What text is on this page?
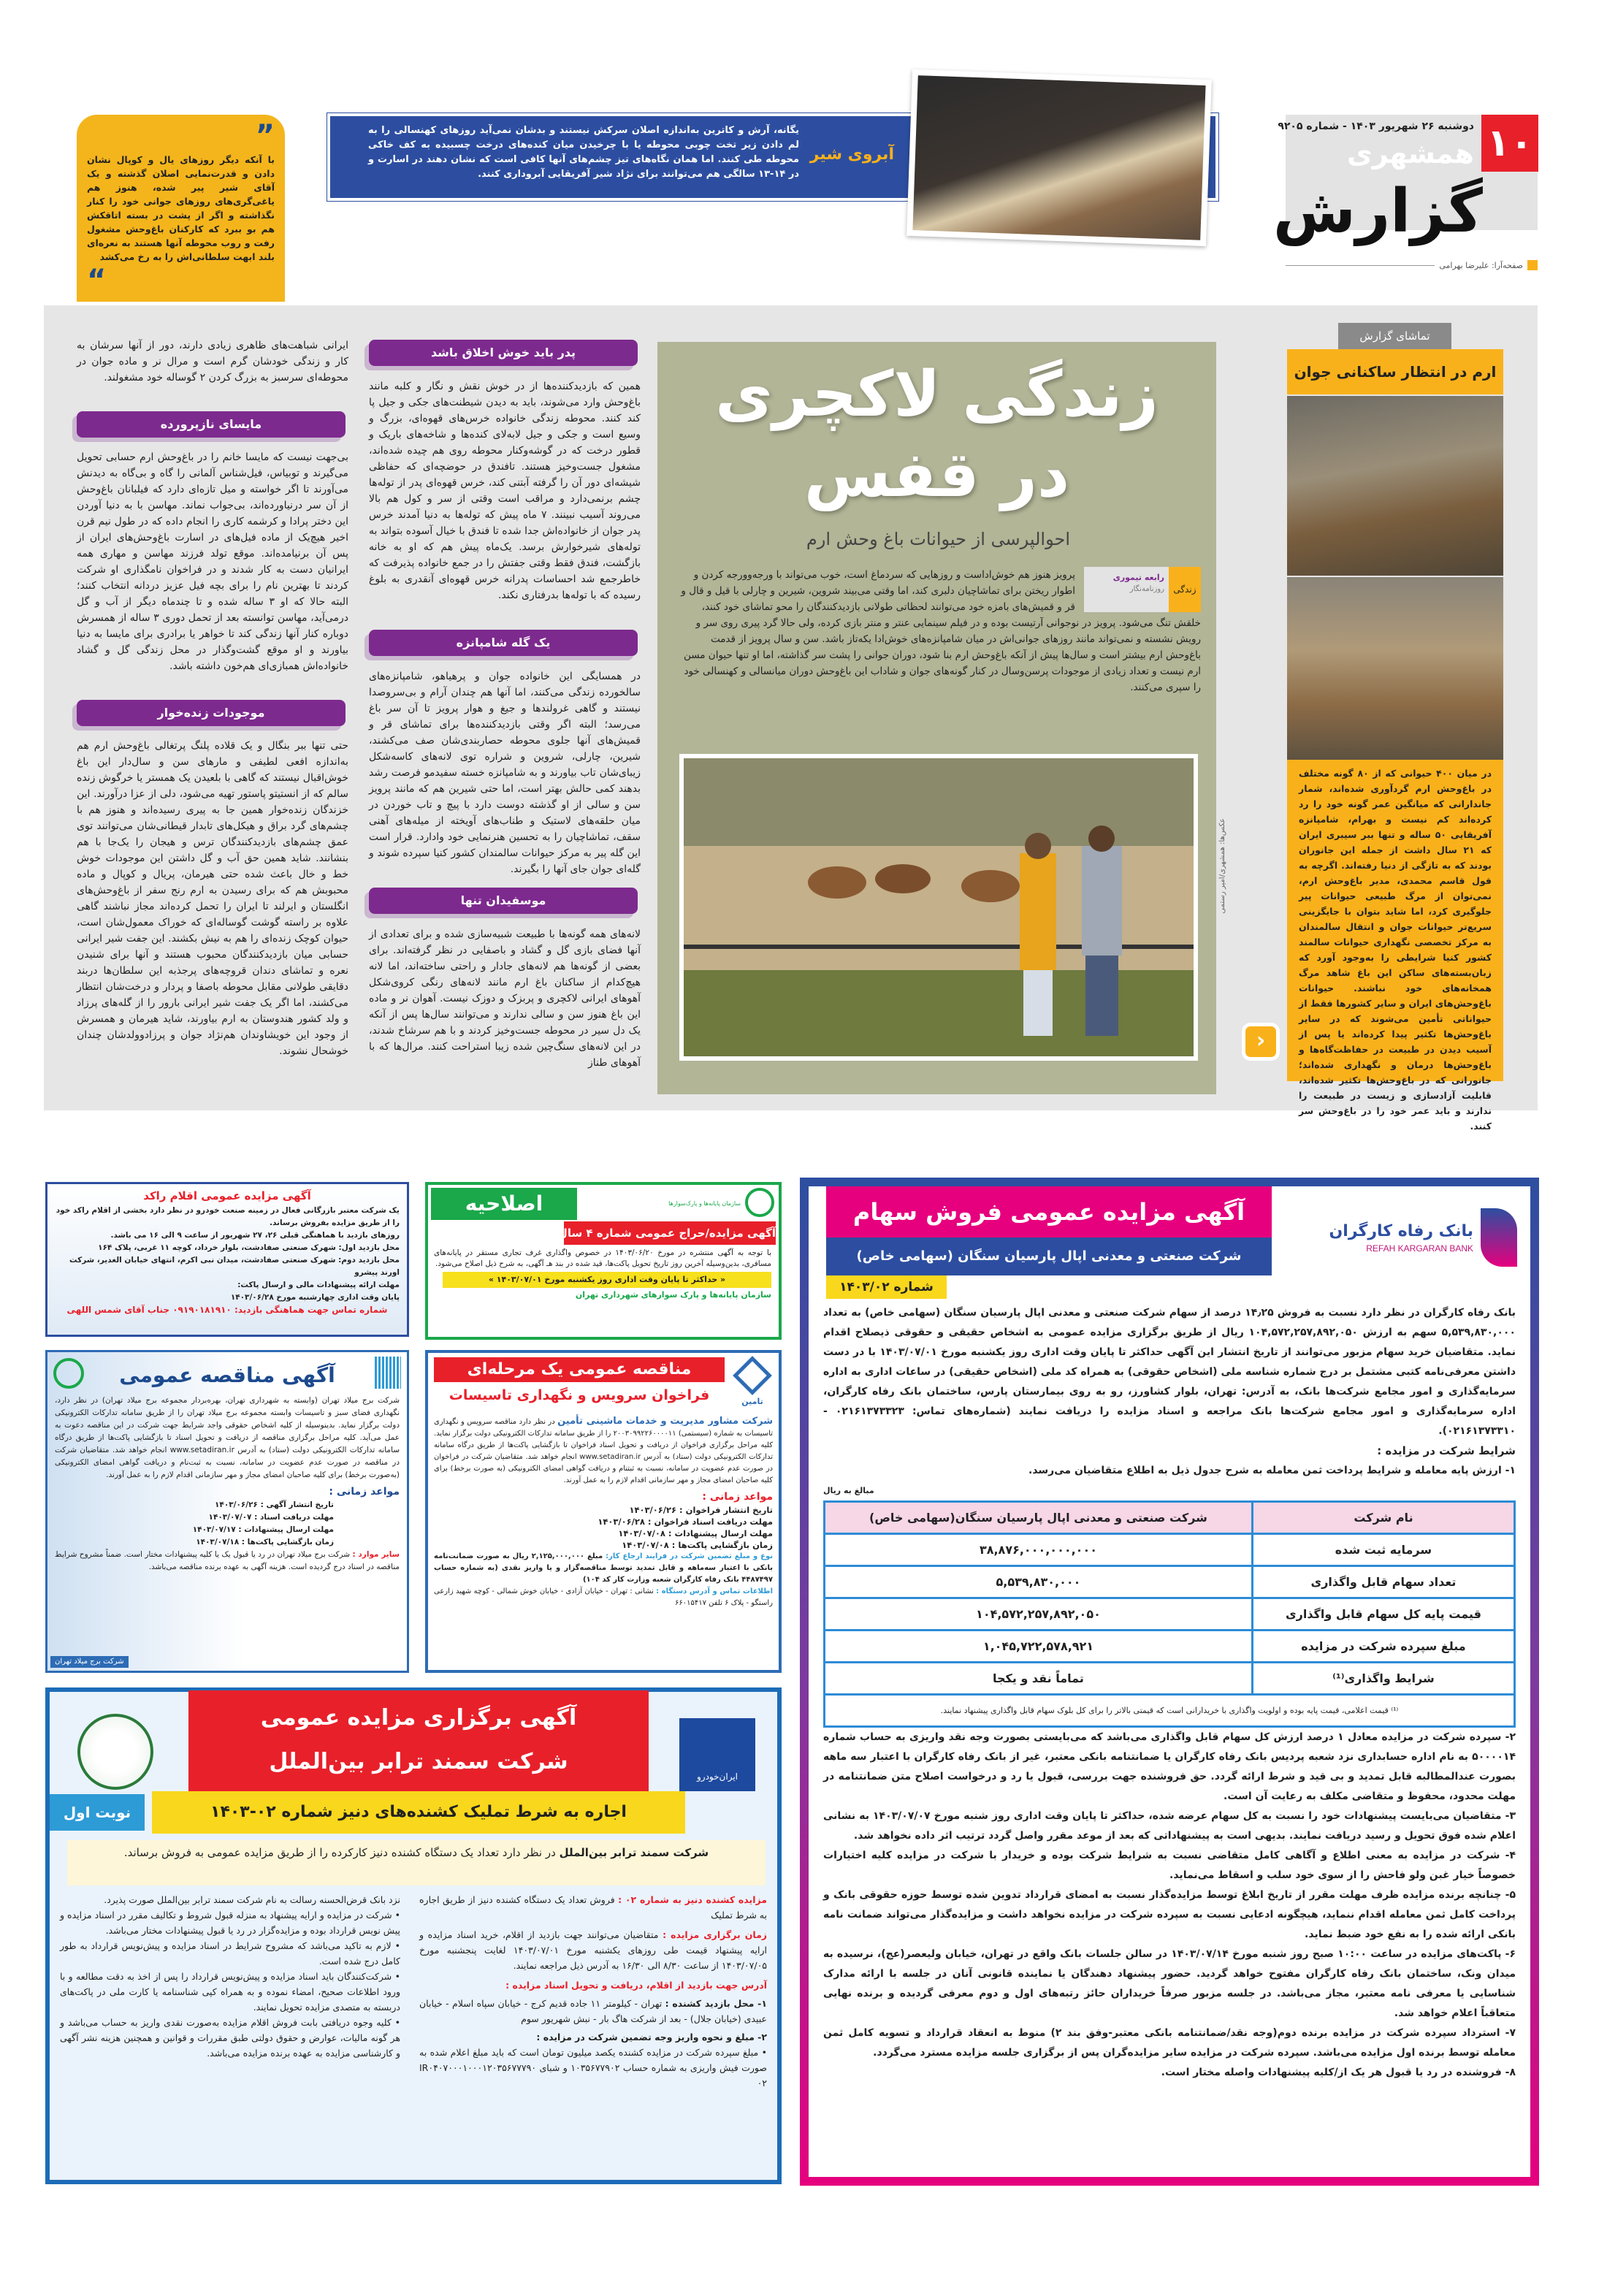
۱۰
دوشنبه ۲۶ شهریور ۱۴۰۳ - شماره ۹۲۰۵
همشهری
گزارش
صفحه‌آرا: علیرضا بهرامی
یگانه، آرش و کاترین به‌اندازه اصلان سرکش نیستند و بدشان نمی‌آید روزهای کهنسالی را به لم دادن زیر تخت چوبی محوطه یا با چرخیدن میان کنده‌های درخت چسبیده به کف خاکی محوطه طی کنند. اما همان نگاه‌های تیز چشم‌های آنها کافی است که نشان دهند در اسارت و در ۱۴-۱۳ سالگی هم می‌توانند برای نژاد شیر آفریقایی آبروداری کنند.
آبروی شیر
”
با آنکه دیگر روزهای یال و کوپال نشان دادن و قدرت‌نمایی اصلان گذشته و یک آقای شیر پیر شده، هنوز هم یاغی‌گری‌های روزهای جوانی خود را کنار نگذاشته و اگر از پشت در بسته اتاقکش هم بو ببرد که کارکنان باغ‌وحش مشغول رفت و روب محوطه آنها هستند به نعره‌ای بلند ابهت سلطانی‌اش را به رخ می‌کشد
“
تماشای گزارش
ارم در انتظار ساکنانی جوان
در میان ۴۰۰ حیوانی که از ۸۰ گونه مختلف در باغ‌وحش ارم گردآوری شده‌اند، شمار جاندارانی که میانگین عمر گونه خود را رد کرده‌اند کم نیست و بهرام، شامپانزه آفریقایی ۵۰ ساله و تنها ببر سیبری ایران که ۲۱ سال داشت از جمله این جانوران بودند که به تازگی از دنیا رفته‌اند. اگرچه به قول قاسم محمدی، مدیر باغ‌وحش ارم، نمی‌توان از مرگ طبیعی حیوانات پیر جلوگیری کرد، اما شاید بتوان با جایگزینی سریع‌تر حیوانات جوان و انتقال سالمندان به مرکز تخصصی نگهداری حیوانات سالمند کشور کنیا شرایطی را به‌وجود آورد که زبان‌بسته‌های ساکن این باغ شاهد مرگ همخانه‌های خود نباشند. حیوانات باغ‌وحش‌های ایران و سایر کشورها فقط از حیواناتی تأمین می‌شوند که در سایر باغ‌وحش‌ها تکثیر پیدا کرده‌اند یا پس از آسیب دیدن در طبیعت در حفاظت‌گاه‌ها و باغ‌وحش‌ها درمان و نگهداری شده‌اند؛ جانورانی که در باغ‌وحش‌ها تکثیر شده‌اند، قابلیت آزادسازی و زیست در طبیعت را ندارند و باید عمر خود را در باغ‌وحش سر کنند.
‹
زندگی لاکچری
در قفس
احوالپرسی از حیوانات باغ وحش ارم
زندگی
رابعه تیموری
روزنامه‌نگار
پرویز هنوز هم خوش‌اداست و روزهایی که سردماغ است، خوب می‌تواند با ورجه‌وورجه کردن و اطوار ریختن برای تماشاچیان دلبری کند، اما وقتی می‌بیند شروین، شیرین و چارلی با قیل و قال و قر و قمیش‌های بامزه خود می‌توانند لحظاتی طولانی بازدیدکنندگان را محو تماشای خود کنند، خلقش تنگ می‌شود. پرویز در نوجوانی آرتیست بوده و در فیلم سینمایی عنتر و منتر بازی کرده، ولی حالا گرد پیری روی سر و رویش نشسته و نمی‌تواند مانند روزهای جوانی‌اش در میان شامپانزه‌های خوش‌ادا یکه‌تاز باشد. سن و سال پرویز از قدمت باغ‌وحش ارم بیشتر است و سال‌ها پیش از آنکه باغ‌وحش ارم بنا شود، دوران جوانی را پشت سر گذاشته، اما او تنها حیوان مسن ارم نیست و تعداد زیادی از موجودات پرسن‌وسال در کنار گونه‌های جوان و شاداب این باغ‌وحش دوران میانسالی و کهنسالی خود را سپری می‌کنند.
عکس‌ها: همشهری/امیر رستمی
پدر باید خوش اخلاق باشد
همین که بازدیدکننده‌ها از در خوش نقش و نگار و کلبه مانند باغ‌وحش وارد می‌شوند، باید به دیدن شیطنت‌های جکی و جیل پا کند کنند. محوطه زندگی خانواده خرس‌های قهوه‌ای، بزرگ و وسیع است و جکی و جیل لابه‌لای کنده‌ها و شاخه‌های باریک و قطور درخت که در گوشه‌وکنار محوطه روی هم چیده شده‌اند، مشغول جست‌وخیز هستند. تافندق در حوضچه‌ای که حفاظی شیشه‌ای دور آن را گرفته آبتنی کند، خرس قهوه‌ای پدر از توله‌ها چشم برنمی‌دارد و مراقب است وقتی از سر و کول هم بالا می‌روند آسیب نبینند. ۷ ماه پیش که توله‌ها به دنیا آمدند خرس پدر جوان از خانواده‌اش جدا شده تا فندق با خیال آسوده بتواند به توله‌های شیرخوارش برسد. یک‌ماه پیش هم که او به خانه بازگشت، فندق فقط وقتی جفتش را در جمع خانواده پذیرفت که خاطرجمع شد احساسات پدرانه خرس قهوه‌ای آنقدری به بلوغ رسیده که با توله‌ها بدرفتاری نکند.
یک گله شامپانزه
در همسایگی این خانواده جوان و پرهیاهو، شامپانزه‌های سالخورده زندگی می‌کنند، اما آنها هم چندان آرام و بی‌سروصدا نیستند و گاهی غرولندها و جیغ و هوار پرویز تا آن سر باغ می‌رسد؛ البته اگر وقتی بازدیدکننده‌ها برای تماشای قر و قمیش‌های آنها جلوی محوطه حصاربندی‌شان صف می‌کشند، شیرین، چارلی، شروین و شراره توی لانه‌های کاسه‌شکل زیبای‌شان تاب بیاورند و به شامپانزه خسته سفیدمو فرصت رشد بدهند کمی حالش بهتر است، اما حتی شیرین هم که مانند پرویز سن و سالی از او گذشته دوست دارد با پیچ و تاب خوردن در میان حلقه‌های لاستیک و طناب‌های آویخته از میله‌های آهنی سقف، تماشاچیان را به تحسین هنرنمایی خود وادارد. قرار است این گله پیر به مرکز حیوانات سالمندان کشور کنیا سپرده شوند و گله‌ای جوان جای آنها را بگیرند.
موسفیدان تنها
لانه‌های همه گونه‌ها با طبیعت شبیه‌سازی شده و برای تعدادی از آنها فضای بازی گل و گشاد و باصفایی در نظر گرفته‌اند. برای بعضی از گونه‌ها هم لانه‌های جادار و راحتی ساخته‌اند، اما لانه هیچ‌کدام از ساکنان باغ ارم مانند لانه‌های رنگی کروی‌شکل آهوهای ایرانی لاکچری و پربزک و دوزک نیست. آهوان نر و ماده این باغ هنوز سن و سالی ندارند و می‌توانند سال‌ها پس از آنکه یک دل سیر در محوطه جست‌وخیز کردند و با هم سرشاخ شدند، در این لانه‌های سنگ‌چین شده زیبا استراحت کنند. مرال‌ها که با آهوهای طناز
ایرانی شباهت‌های ظاهری زیادی دارند، دور از آنها سرشان به کار و زندگی خودشان گرم است و مرال نر و ماده جوان در محوطه‌ای سرسبز به بزرگ کردن ۲ گوساله خود مشغولند.
مایسای نازپرورده
بی‌جهت نیست که مایسا خانم را در باغ‌وحش ارم حسابی تحویل می‌گیرند و توبیاس، فیل‌شناس آلمانی را گاه و بی‌گاه به دیدنش می‌آورند تا اگر خواسته و میل تازه‌ای دارد که فیلبانان باغ‌وحش از آن سر درنیاورده‌اند، بی‌جواب نماند. مهاسن با به دنیا آوردن این دختر پرادا و کرشمه کاری را انجام داده که در طول نیم قرن اخیر هیچ‌یک از ماده فیل‌های در اسارت باغ‌وحش‌های ایران از پس آن برنیامده‌اند. موقع تولد فرزند مهاسن و مهاری همه ایرانیان دست به کار شدند و در فراخوان نامگذاری او شرکت کردند تا بهترین نام را برای بچه فیل عزیز دردانه انتخاب کنند؛ البته حالا که او ۳ ساله شده و تا چندماه دیگر از آب و گل درمی‌آید، مهاسن توانسته بعد از تحمل دوری ۳ ساله از همسرش دوباره کنار آنها زندگی کند تا خواهر یا برادری برای مایسا به دنیا بیاورند و او موقع گشت‌وگذار در محل زندگی گل و گشاد خانواده‌اش همبازی‌ای هم‌خون داشته باشد.
موجودات زنده‌خوار
حتی تنها ببر بنگال و یک قلاده پلنگ پرتغالی باغ‌وحش ارم هم به‌اندازه افعی لطیفی و مارهای سن و سال‌دار این باغ خوش‌اقبال نیستند که گاهی با بلعیدن یک همستر یا خرگوش زنده سالم که از انستیتو پاستور تهیه می‌شود، دلی از عزا درآورند. این خزندگان زنده‌خوار همین جا به پیری رسیده‌اند و هنوز هم با چشم‌های گرد براق و هیکل‌های تابدار قیطانی‌شان می‌توانند توی عمق چشم‌های بازدیدکنندگان ترس و هیجان را یک‌جا با هم بنشانند. شاید همین حق آب و گل داشتن این موجودات خوش خط و خال باعث شده حتی هیرمان، پریال و کوپال و ماده محبوبش هم که برای رسیدن به ارم رنج سفر از باغ‌وحش‌های انگلستان و ایرلند تا ایران را تحمل کرده‌اند مجاز نباشند گاهی علاوه بر راسته گوشت گوساله‌ای که خوراک معمول‌شان است، حیوان کوچک زنده‌ای را هم به نیش بکشند. این جفت شیر ایرانی حسابی میان بازدیدکنندگان محبوب هستند و آنها برای شنیدن نعره و تماشای دندان قروچه‌های پرجذبه این سلطان‌ها دربند دقایقی طولانی مقابل محوطه باصفا و پردار و درخت‌شان انتظار می‌کشند، اما اگر یک جفت شیر ایرانی بارور را از گله‌های پرزاد و ولد کشور هندوستان به ارم بیاورند، شاید هیرمان و همسرش از وجود این خویشاوندان هم‌نژاد جوان و پرزادوولدشان چندان خوشحال نشوند.
آگهی مزایده عمومی اقلام راکد
یک شرکت معتبر بازرگانی فعال در زمینه صنعت خودرو در نظر دارد بخشی از اقلام راکد خود را از طریق مزایده بفروش برساند.
روزهای بازدید با هماهنگی قبلی ۲۶، ۲۷ شهریور از ساعت ۹ الی ۱۶ می باشد.
محل بازدید اول: شهرک صنعتی صفادشت، بلوار خرداد، کوچه ۱۱ غربی، پلاک ۱۶۴
محل بازدید دوم: شهرک صنعتی صفادشت، میدان نبی اکرم، انتهای خیابان الغدیر، شرکت اورند پیشرو
مهلت ارائه پیشنهادات مالی و ارسال پاکت:
پایان وقت اداری چهارشنبه مورخ ۱۴۰۳/۰۶/۲۸
شماره تماس جهت هماهنگی بازدید: ۰۹۱۹۰۱۸۱۹۱۰ جناب آقای شمس اللهی
اصلاحیه	سازمان پایانه‌ها و پارک‌سوارها
آگهی مزایده/حراج عمومی شماره ۴ سال ۱۴۰۳
با توجه به آگهی منتشره در مورخ ۱۴۰۳/۰۶/۲۰ در خصوص واگذاری غرف تجاری مستقر در پایانه‌های مسافری، بدین‌وسیله آخرین روز تاریخ تحویل پاکت‌ها، قید شده در بند هـ آگهی، به شرح ذیل اصلاح می‌شود.
« حداکثر تا پایان وقت اداری روز یکشنبه مورخ ۱۴۰۳/۰۷/۰۱ »
سازمان پایانه‌ها و پارک سوارهای شهرداری تهران
تامین
مناقصه عمومی یک مرحله‌ای
فراخوان سرویس و نگهداری تاسیسات
شرکت مشاور مدیریت و خدمات ماشینی تأمین در نظر دارد مناقصه سرویس و نگهداری تاسیسات به شماره (سیستمی) ۲۰۰۳۰۹۹۲۲۶۰۰۰۰۱۱ را از طریق سامانه تدارکات الکترونیکی دولت برگزار نماید. کلیه مراحل برگزاری فراخوان از دریافت و تحویل اسناد فراخوان تا بازگشایی پاکت‌ها از طریق درگاه سامانه تدارکات الکترونیکی دولت (ستاد) به آدرس www.setadiran.ir انجام خواهد شد. متقاضیان شرکت در فراخوان در صورت عدم عضویت در سامانه، نسبت به ثبتنام و دریافت گواهی امضای الکترونیکی (به صورت برخط) برای کلیه صاحبان امضای مجاز و مهر سازمانی اقدام لازم را به عمل آورند.
مواعد زمانی :
تاریخ انتشار فراخوان : ۱۴۰۳/۰۶/۲۶
مهلت دریافت اسناد فراخوان : ۱۴۰۳/۰۶/۲۸
مهلت ارسال پیشنهادات : ۱۴۰۳/۰۷/۰۸
زمان بازگشایی پاکت‌ها : ۱۴۰۳/۰۷/۰۸
نوع و مبلغ تضمین شرکت در فرایند ارجاع کار: مبلغ ۲,۱۲۵,۰۰۰,۰۰۰ ریال به صورت ضمانت‌نامه بانکی با اعتبار سه‌ماهه و قابل تمدید توسط مناقصه‌گزار و یا واریز نقدی (به شماره حساب ۴۴۸۷۴۹۷ بانک رفاه کارگران شعبه وزارت کار کد ۱۰۴)
اطلاعات تماس و آدرس دستگاه : نشانی : تهران - خیابان آزادی - خیابان خوش شمالی - کوچه شهید زارعی راستگو - پلاک ۶ تلفن ۶۶۰۱۵۴۱۷
آگهی مناقصه عمومی
شرکت برج میلاد تهران (وابسته به شهرداری تهران، بهره‌بردار مجموعه برج میلاد تهران) در نظر دارد، نگهداری فضای سبز و تاسیسات وابسته مجموعه برج میلاد تهران را از طریق سامانه تدارکات الکترونیکی دولت برگزار نماید. بدینوسیله از کلیه اشخاص حقوقی واجد شرایط جهت شرکت در این مناقصه دعوت به عمل می‌آید. کلیه مراحل برگزاری مناقصه از دریافت و تحویل اسناد تا بازگشایی پاکت‌ها از طریق درگاه سامانه تدارکات الکترونیکی دولت (ستاد) به آدرس www.setadiran.ir انجام خواهد شد. متقاضیان شرکت در مناقصه در صورت عدم عضویت در سامانه، نسبت به ثبت‌نام و دریافت گواهی امضای الکترونیکی (به‌صورت برخط) برای کلیه صاحبان امضای مجاز و مهر سازمانی اقدام لازم را به عمل آورند.
مواعد زمانی :
تاریخ انتشار آگهی : ۱۴۰۳/۰۶/۲۶
مهلت دریافت اسناد : ۱۴۰۳/۰۷/۰۷
مهلت ارسال پیشنهادات : ۱۴۰۳/۰۷/۱۷
زمان بازگشایی پاکت‌ها : ۱۴۰۳/۰۷/۱۸
سایر موارد : شرکت برج میلاد تهران در رد یا قبول یک یا کلیه پیشنهادات مختار است. ضمناً مشروح شرایط مناقصه در اسناد درج گردیده است. هزینه آگهی به عهده برنده مناقصه می‌باشد.
شرکت برج میلاد تهران
ایران‌خودرو
آگهی برگزاری مزایده عمومی
شرکت سمند ترابر بین‌الملل
نوبت اول	اجاره به شرط تملیک کشنده‌های دنیز شماره ۰۲-۱۴۰۳
شرکت سمند ترابر بین‌الملل در نظر دارد تعداد یک دستگاه کشنده دنیز کارکرده را از طریق مزایده عمومی به فروش برساند.
مزایده کشنده دنیز به شماره ۰۲ : فروش تعداد یک دستگاه کشنده دنیز از طریق اجاره به شرط تملیک
زمان برگزاری مزایده : متقاضیان می‌توانند جهت بازدید از اقلام، خرید اسناد مزایده و ارایه پیشنهاد قیمت طی روزهای یکشنبه مورخ ۱۴۰۳/۰۷/۰۱ لغایت پنجشنبه مورخ ۱۴۰۳/۰۷/۰۵ از ساعت ۸/۳۰ الی ۱۶/۳۰ به آدرس ذیل مراجعه نمایند.
آدرس جهت بازدید از اقلام، دریافت و تحویل اسناد مزایده :
۱- محل بازدید کشنده : تهران - کیلومتر ۱۱ جاده قدیم کرج - خیابان سپاه اسلام - خیابان عبیدی (خیابان جلال) - بعد از شرکت هاگ بار - نبش شهریور سوم
۲- مبلغ و نحوه واریز وجه تضمین شرکت در مزایده :
• مبلغ سپرده شرکت در مزایده کشنده یکصد میلیون تومان است که باید مبلغ اعلام شده به صورت فیش واریزی به شماره حساب ۱۰۳۵۶۷۷۹۰۲ و شبای IR۰۴۰۷۰۰۰۱۰۰۰۱۲۰۳۵۶۷۷۷۹۰۰۲
نزد بانک قرض‌الحسنه رسالت به نام شرکت سمند ترابر بین‌الملل صورت پذیرد.
• شرکت در مزایده و ارایه پیشنهاد به منزله قبول شروط و تکالیف مقرر در اسناد مزایده و پیش نویس قرارداد بوده و مزایده‌گزار در رد یا قبول پیشنهادات مختار می‌باشد.
• لازم به تاکید می‌باشد که مشروح شرایط در اسناد مزایده و پیش‌نویس قرارداد به طور کامل درج شده است.
• شرکت‌کنندگان باید اسناد مزایده و پیش‌نویس قرارداد را پس از اخذ به دقت مطالعه و با ورود اطلاعات صحیح، امضاء نموده و به همراه کپی شناسنامه یا کارت ملی در پاکت‌های دربسته به متصدی مزایده تحویل نمایند.
• کلیه وجوه دریافتی بابت فروش اقلام مزایده به‌صورت نقدی واریز به حساب می‌باشد و هر گونه مالیات، عوارض و حقوق دولتی طبق مقررات و قوانین و همچنین هزینه نشر آگهی و کارشناسی مزایده به عهده برنده مزایده می‌باشد.
بانک رفاه کارگران
REFAH KARGARAN BANK
آگهی مزایده عمومی فروش سهام
شرکت صنعتی و معدنی اپال پارسیان سنگان (سهامی خاص)
شماره ۱۴۰۳/۰۲
بانک رفاه کارگران در نظر دارد نسبت به فروش ۱۴٫۲۵ درصد از سهام شرکت صنعتی و معدنی اپال پارسیان سنگان (سهامی خاص) به تعداد ۵,۵۳۹,۸۳۰,۰۰۰ سهم به ارزش ۱۰۴,۵۷۲,۲۵۷,۸۹۲,۰۵۰ ریال از طریق برگزاری مزایده عمومی به اشخاص حقیقی و حقوقی ذیصلاح اقدام نماید. متقاضیان خرید سهام مزبور می‌توانند از تاریخ انتشار این آگهی حداکثر تا پایان وقت اداری روز یکشنبه مورخ ۱۴۰۳/۰۷/۰۱ با در دست داشتن معرفی‌نامه کتبی مشتمل بر درج شماره شناسه ملی (اشخاص حقوقی) به همراه کد ملی (اشخاص حقیقی) در ساعات اداری به اداره سرمایه‌گذاری و امور مجامع شرکت‌ها بانک، به آدرس: تهران، بلوار کشاورز، رو به روی بیمارستان پارس، ساختمان بانک رفاه کارگران، اداره سرمایه‌گذاری و امور مجامع شرکت‌ها بانک مراجعه و اسناد مزایده را دریافت نمایند (شماره‌های تماس: ۰۲۱۶۱۳۷۳۳۲۳ - ۰۲۱۶۱۳۷۳۳۱۰).
شرایط شرکت در مزایده :
۱- ارزش پایه معامله و شرایط پرداخت ثمن معامله به شرح جدول ذیل به اطلاع متقاضیان می‌رسد.
مبالغ به ریال
نام شرکت	شرکت صنعتی و معدنی اپال پارسیان سنگان(سهامی خاص)
سرمایه ثبت شده	۳۸,۸۷۶,۰۰۰,۰۰۰,۰۰۰
تعداد سهام قابل واگذاری	۵,۵۳۹,۸۳۰,۰۰۰
قیمت پایه کل سهام قابل واگذاری	۱۰۴,۵۷۲,۲۵۷,۸۹۲,۰۵۰
مبلغ سپرده شرکت در مزایده	۱,۰۴۵,۷۲۲,۵۷۸,۹۲۱
شرایط واگذاری⁽¹⁾	تماماً نقد و یکجا
⁽¹⁾ قیمت اعلامی، قیمت پایه بوده و اولویت واگذاری با خریدارانی است که قیمتی بالاتر را برای کل بلوک سهام قابل واگذاری پیشنهاد نمایند.	
۲- سپرده شرکت در مزایده معادل ۱ درصد ارزش کل سهام قابل واگذاری می‌باشد که می‌بایستی بصورت وجه نقد واریزی به حساب شماره ۵۰۰۰۰۱۴ به نام اداره حسابداری نزد شعبه پردیس بانک رفاه کارگران یا ضمانتنامه بانکی معتبر، غیر از بانک رفاه کارگران با اعتبار سه ماهه بصورت عندالمطالبه قابل تمدید و بی قید و شرط ارائه گردد. حق فروشنده جهت بررسی، قبول یا رد و درخواست اصلاح متن ضمانتنامه در مهلت محدود، محفوظ و متقاضی مکلف به رعایت آن است.
۳- متقاضیان می‌بایست پیشنهادات خود را نسبت به کل سهام عرضه شده، حداکثر تا پایان وقت اداری روز شنبه مورخ ۱۴۰۳/۰۷/۰۷ به نشانی اعلام شده فوق تحویل و رسید دریافت نمایند. بدیهی است به پیشنهاداتی که بعد از موعد مقرر واصل گردد ترتیب اثر داده نخواهد شد.
۴- شرکت در مزایده به معنی اطلاع و آگاهی کامل متقاضی نسبت به شرایط شرکت بوده و خریدار با شرکت در مزایده کلیه اختیارات خصوصاً خیار غبن ولو فاحش را از سوی خود سلب و اسقاط می‌نماید.
۵- چنانچه برنده مزایده ظرف مهلت مقرر از تاریخ ابلاغ توسط مزایده‌گذار نسبت به امضای قرارداد تدوین شده توسط حوزه حقوقی بانک و پرداخت کامل ثمن معامله اقدام ننماید، هیچگونه ادعایی نسبت به سپرده شرکت در مزایده نخواهد داشت و مزایده‌گذار می‌تواند ضمانت نامه بانکی ارائه شده را به نفع خود ضبط نماید.
۶- پاکت‌های مزایده در ساعت ۱۰:۰۰ صبح روز شنبه مورخ ۱۴۰۳/۰۷/۱۴ در سالن جلسات بانک واقع در تهران، خیابان ولیعصر(عج)، نرسیده به میدان ونک، ساختمان بانک رفاه کارگران مفتوح خواهد گردید. حضور پیشنهاد دهندگان یا نماینده قانونی آنان در جلسه با ارائه مدارک شناسایی یا معرفی نامه معتبر، مجاز می‌باشد. در جلسه مزبور صرفاً خریداران حائز رتبه‌های اول و دوم معرفی گردیده و برنده نهایی متعاقباً اعلام خواهد شد.
۷- استرداد سپرده شرکت در مزایده برنده دوم(وجه نقد/ضمانتنامه بانکی معتبر-وفق بند ۲) منوط به انعقاد قرارداد و تسویه کامل ثمن معامله توسط برنده اول مزایده می‌باشد. سپرده شرکت در مزایده سایر مزایده‌گران پس از برگزاری جلسه مزایده مسترد می‌گردد.
۸- فروشنده در رد یا قبول هر یک از/کلیه پیشنهادات واصله مختار است.
